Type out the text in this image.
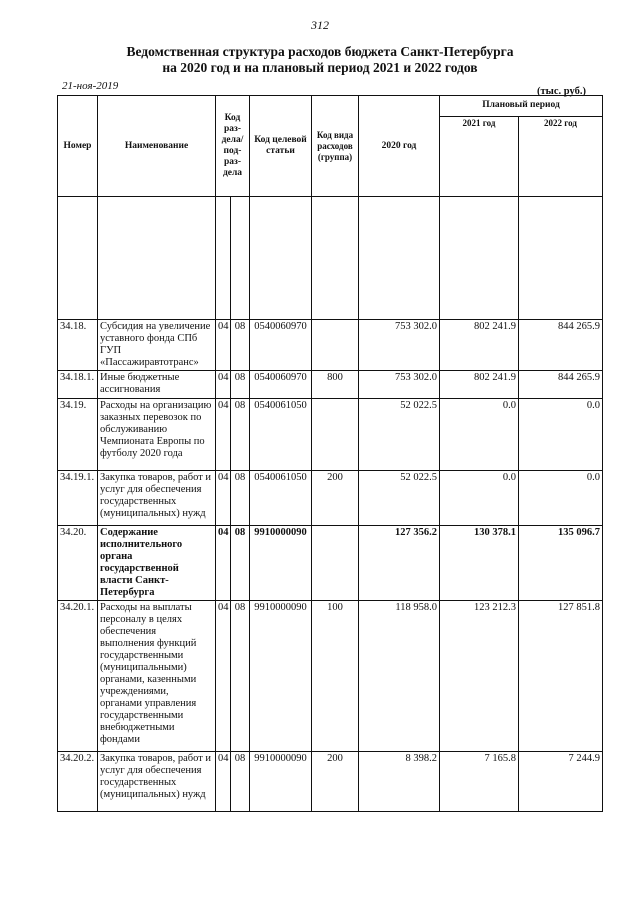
312
Ведомственная структура расходов бюджета Санкт-Петербурга
на 2020 год и на плановый период 2021 и 2022 годов
21-ноя-2019	(тыс. руб.)
Номер	Наименование	Код раз-дела/ под-раз-дела		Код целевой статьи	Код вида расходов (группа)	2020 год	Плановый период	
							2021 год	2022 год

34.18.	Субсидия на увеличение уставного фонда СПб ГУП «Пассажиравтотранс»	04	08	0540060970		753 302.0	802 241.9	844 265.9
34.18.1.	Иные бюджетные ассигнования	04	08	0540060970	800	753 302.0	802 241.9	844 265.9
34.19.	Расходы на организацию заказных перевозок по обслуживанию Чемпионата Европы по футболу 2020 года	04	08	0540061050		52 022.5	0.0	0.0
34.19.1.	Закупка товаров, работ и услуг для обеспечения государственных (муниципальных) нужд	04	08	0540061050	200	52 022.5	0.0	0.0
34.20.	Содержание исполнительного органа государственной власти Санкт-Петербурга	04	08	9910000090		127 356.2	130 378.1	135 096.7
34.20.1.	Расходы на выплаты персоналу в целях обеспечения выполнения функций государственными (муниципальными) органами, казенными учреждениями, органами управления государственными внебюджетными фондами	04	08	9910000090	100	118 958.0	123 212.3	127 851.8
34.20.2.	Закупка товаров, работ и услуг для обеспечения государственных (муниципальных) нужд	04	08	9910000090	200	8 398.2	7 165.8	7 244.9
